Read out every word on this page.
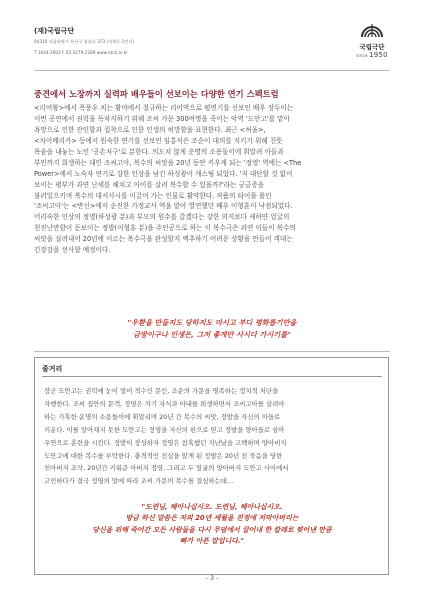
(재)국립극단
04310 서울특별시 용산구 청파로 373 (서계동 1번지)
T 1644-2003 F 02-3279-2289 www.ntck.or.kr
국립극단
since 1950
중견에서 노장까지 실력파 배우들이 선보이는 다양한 연기 스펙트럼
<리어왕>에서 폭풍우 치는 황야에서 절규하는 리어역으로 평면기를 선보인 배우 장두이는
이번 공연에서 권력을 독차지하기 위해 조씨 가문 300여명을 죽이는 악역 '도안고'를 맡아
욕망으로 인한 잔인함과 집착으로 인한 인생의 허망함을 표현한다. 최근 <허울>,
<차이메리카> 등에서 원숙한 연기를 선보인 임홍식은 조순이 대의를 지키기 위해 친뜻
목숨을 내놓는 노인 '공손저구'로 분한다. 의도치 않게 운명의 소용돌이에 휘말려 아들과
부인까지 희생하는 대인 조씨고아, 복수의 씨앗을 20년 동안 키우게 되는 '정영' 역에는 <The
Power>에서 노숙자 연기로 강한 인상을 남긴 하성광이 캐스팅 되었다. '저 대단할 것 없어
보이는 평부가 과연 난세를 헤치고 아이를 살려 복수할 수 있을까?'라는 궁금증을
불러일으키며 복수의 대서사시를 이끌어 가는 인물로 활약한다. 작품의 타이틀 롤인
'조씨고아'는 <반신>에서 순진한 가정교사 역을 맡아 열연했던 배우 이형훈이 낙점되었다.
어리숙한 인상의 정영(하성광 분)과 부모의 원수를 갚겠다는 강한 의지보다 새하얀 얼굴의
천진난만함이 돋보이는 정발(이형훈 분)을 주인공으로 하는 이 복수극은 과연 이들이 복수의
씨앗을 살려내어 20년에 이르는 복수극을 완성할지 엑추하기 어려운 상황을 만들어 객대는
긴장감을 선사할 예정이다.
"우환을 만들지도 당하지도 마시고 부디 평화롭기만을
금방이구나 인생은, 그저 좋게만 사시다 가시기를"
줄거리
장군 도안고는 권력에 눈이 멀어 적수인 문인, 조순의 가문을 명족하는 정치적 처단을
자행한다. 조씨 집안의 문객, 정영은 자기 자식과 아내를 희생하면서 조씨고아를 살려야
하는 가혹한 운명의 소용돌이에 휘말리며 20년 간 복수의 씨앗, 정발을 자신의 아들로
키운다. 이를 알아채지 못한 도안고는 정영을 자신의 편으로 믿고 정발을 양아들로 삼아
우연으로 훈련을 시킨다. 정발이 장성하자 정영은 참혹했던 지난날을 고백하며 양아비지
도안고에 대한 복수를 부탁한다. 충격적인 진실을 알게 된 정발은 20년 전 죽음을 당한
친아버지 조삭, 20년간 키워준 아버지 정영, 그리고 두 얼굴의 양아버지 도안고 사이에서
고민하다가 결국 정영의 말에 따라 조씨 가문의 복수를 결심하는데…
"도련님, 헤아나십시오. 도련님, 헤아나십시오.
방금 하신 말씀은 저의 20년 세월을 진정에 저막아버리는
당신을 위해 죽어간 모든 사람들을 다시 무덤에서 끌어내 한 칼레로 찢어낸 만큼
빠가 아픈 말입니다."
- 3 -
